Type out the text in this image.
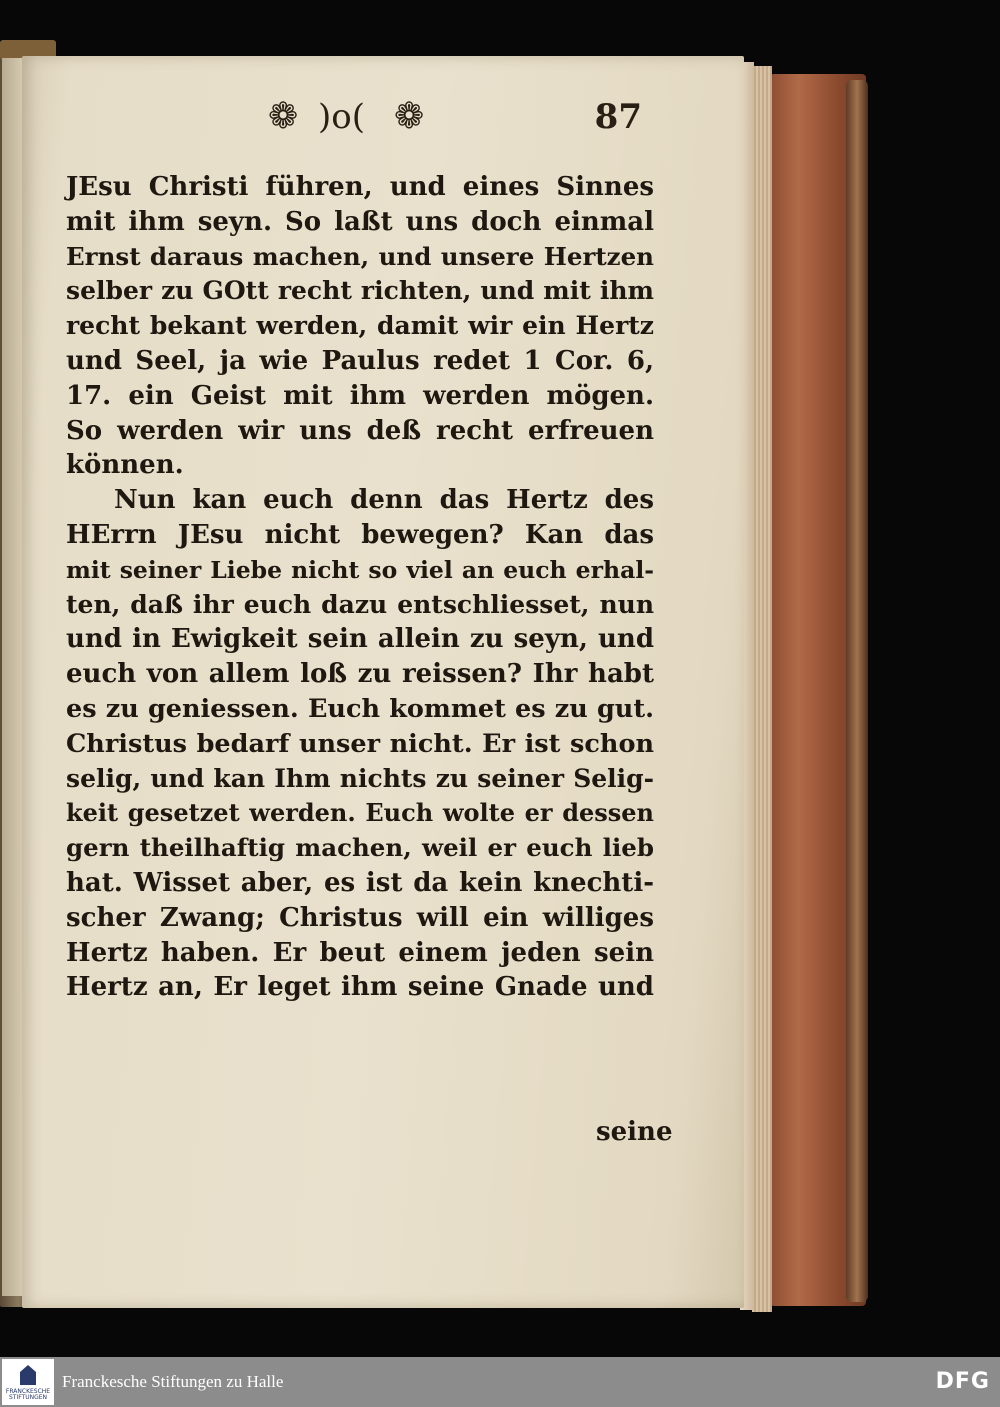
❁ )o( ❁	87
JEsu Christi führen, und eines Sinnes
mit ihm seyn. So laßt uns doch einmal
Ernst daraus machen, und unsere Hertzen
selber zu GOtt recht richten, und mit ihm
recht bekant werden, damit wir ein Hertz
und Seel, ja wie Paulus redet 1 Cor. 6,
17. ein Geist mit ihm werden mögen.
So werden wir uns deß recht erfreuen
können.
Nun kan euch denn das Hertz des
HErrn JEsu nicht bewegen? Kan das
mit seiner Liebe nicht so viel an euch erhal-
ten, daß ihr euch dazu entschliesset, nun
und in Ewigkeit sein allein zu seyn, und
euch von allem loß zu reissen? Ihr habt
es zu geniessen. Euch kommet es zu gut.
Christus bedarf unser nicht. Er ist schon
selig, und kan Ihm nichts zu seiner Selig-
keit gesetzet werden. Euch wolte er dessen
gern theilhaftig machen, weil er euch lieb
hat. Wisset aber, es ist da kein knechti-
scher Zwang; Christus will ein williges
Hertz haben. Er beut einem jeden sein
Hertz an, Er leget ihm seine Gnade und
seine
FRANCKESCHE STIFTUNGEN
Franckesche Stiftungen zu Halle	DFG
